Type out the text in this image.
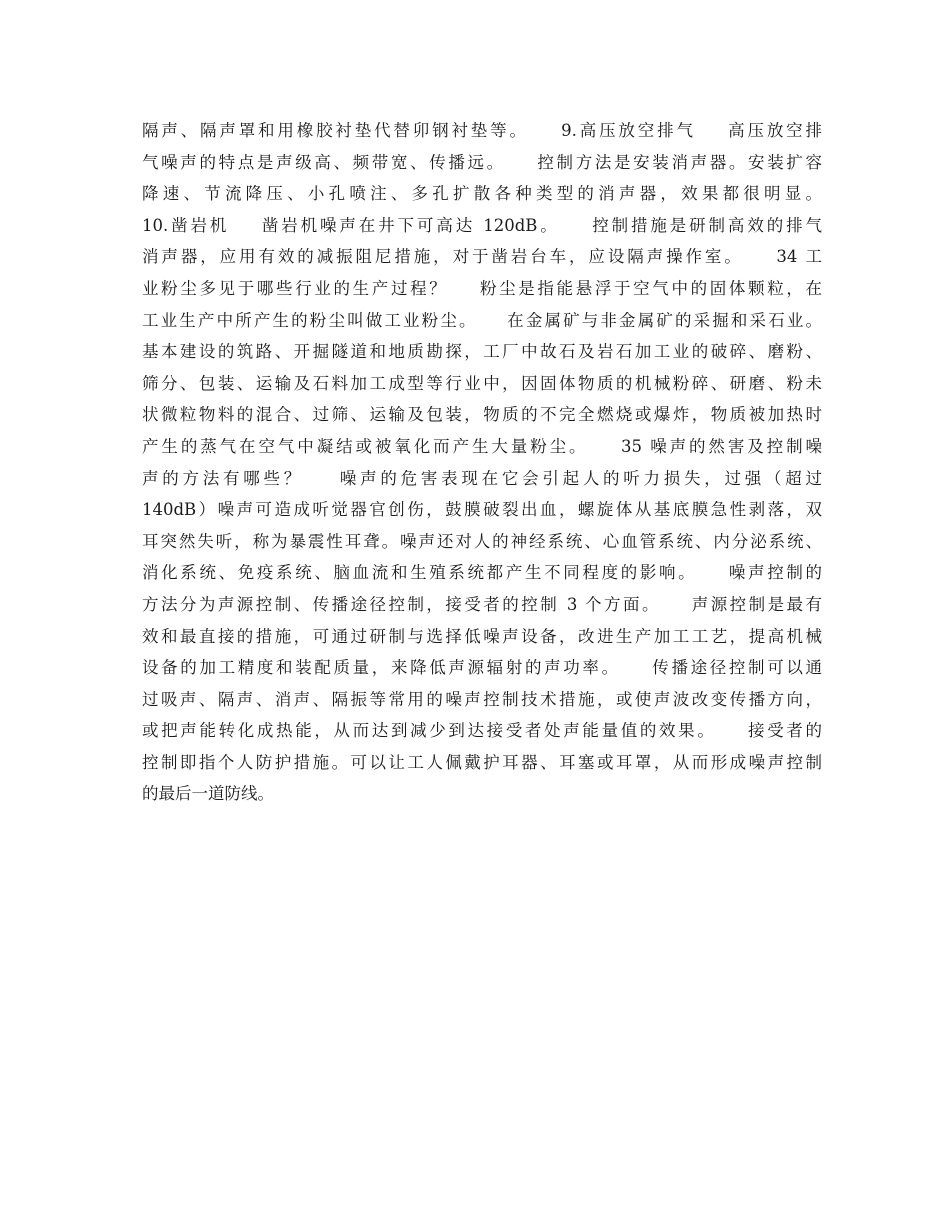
隔声、隔声罩和用橡胶衬垫代替卯钢衬垫等。    9.高压放空排气    高压放空排
气噪声的特点是声级高、频带宽、传播远。    控制方法是安装消声器。安装扩容
降速、节流降压、小孔喷注、多孔扩散各种类型的消声器，效果都很明显。
10.凿岩机    凿岩机噪声在井下可高达 120dB。    控制措施是研制高效的排气
消声器，应用有效的减振阻尼措施，对于凿岩台车，应设隔声操作室。    34 工
业粉尘多见于哪些行业的生产过程？    粉尘是指能悬浮于空气中的固体颗粒，在
工业生产中所产生的粉尘叫做工业粉尘。    在金属矿与非金属矿的采掘和采石业。
基本建设的筑路、开掘隧道和地质勘探，工厂中故石及岩石加工业的破碎、磨粉、
筛分、包装、运输及石料加工成型等行业中，因固体物质的机械粉碎、研磨、粉未
状微粒物料的混合、过筛、运输及包装，物质的不完全燃烧或爆炸，物质被加热时
产生的蒸气在空气中凝结或被氧化而产生大量粉尘。    35 噪声的然害及控制噪
声的方法有哪些？    噪声的危害表现在它会引起人的听力损失，过强（超过
140dB）噪声可造成听觉器官创伤，鼓膜破裂出血，螺旋体从基底膜急性剥落，双
耳突然失听，称为暴震性耳聋。噪声还对人的神经系统、心血管系统、内分泌系统、
消化系统、免疫系统、脑血流和生殖系统都产生不同程度的影响。    噪声控制的
方法分为声源控制、传播途径控制，接受者的控制 3 个方面。    声源控制是最有
效和最直接的措施，可通过研制与选择低噪声设备，改进生产加工工艺，提高机械
设备的加工精度和装配质量，来降低声源辐射的声功率。    传播途径控制可以通
过吸声、隔声、消声、隔振等常用的噪声控制技术措施，或使声波改变传播方向，
或把声能转化成热能，从而达到减少到达接受者处声能量值的效果。    接受者的
控制即指个人防护措施。可以让工人佩戴护耳器、耳塞或耳罩，从而形成噪声控制
的最后一道防线。
